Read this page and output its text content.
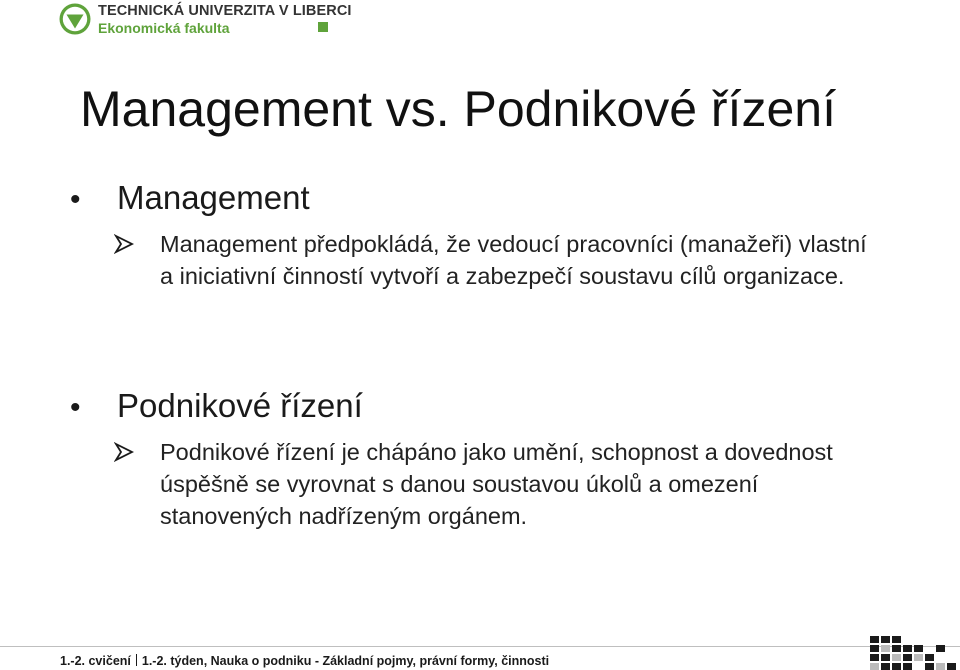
TECHNICKÁ UNIVERZITA V LIBERCI
Ekonomická fakulta
Management vs. Podnikové řízení
•	Management
Management předpokládá, že vedoucí pracovníci (manažeři) vlastní a iniciativní činností vytvoří a zabezpečí soustavu cílů organizace.
•	Podnikové řízení
Podnikové řízení je chápáno jako umění, schopnost a dovednost úspěšně se vyrovnat s danou soustavou úkolů a omezení stanovených nadřízeným orgánem.
1.-2. cvičení 1.-2. týden, Nauka o podniku - Základní pojmy, právní formy, činnosti
